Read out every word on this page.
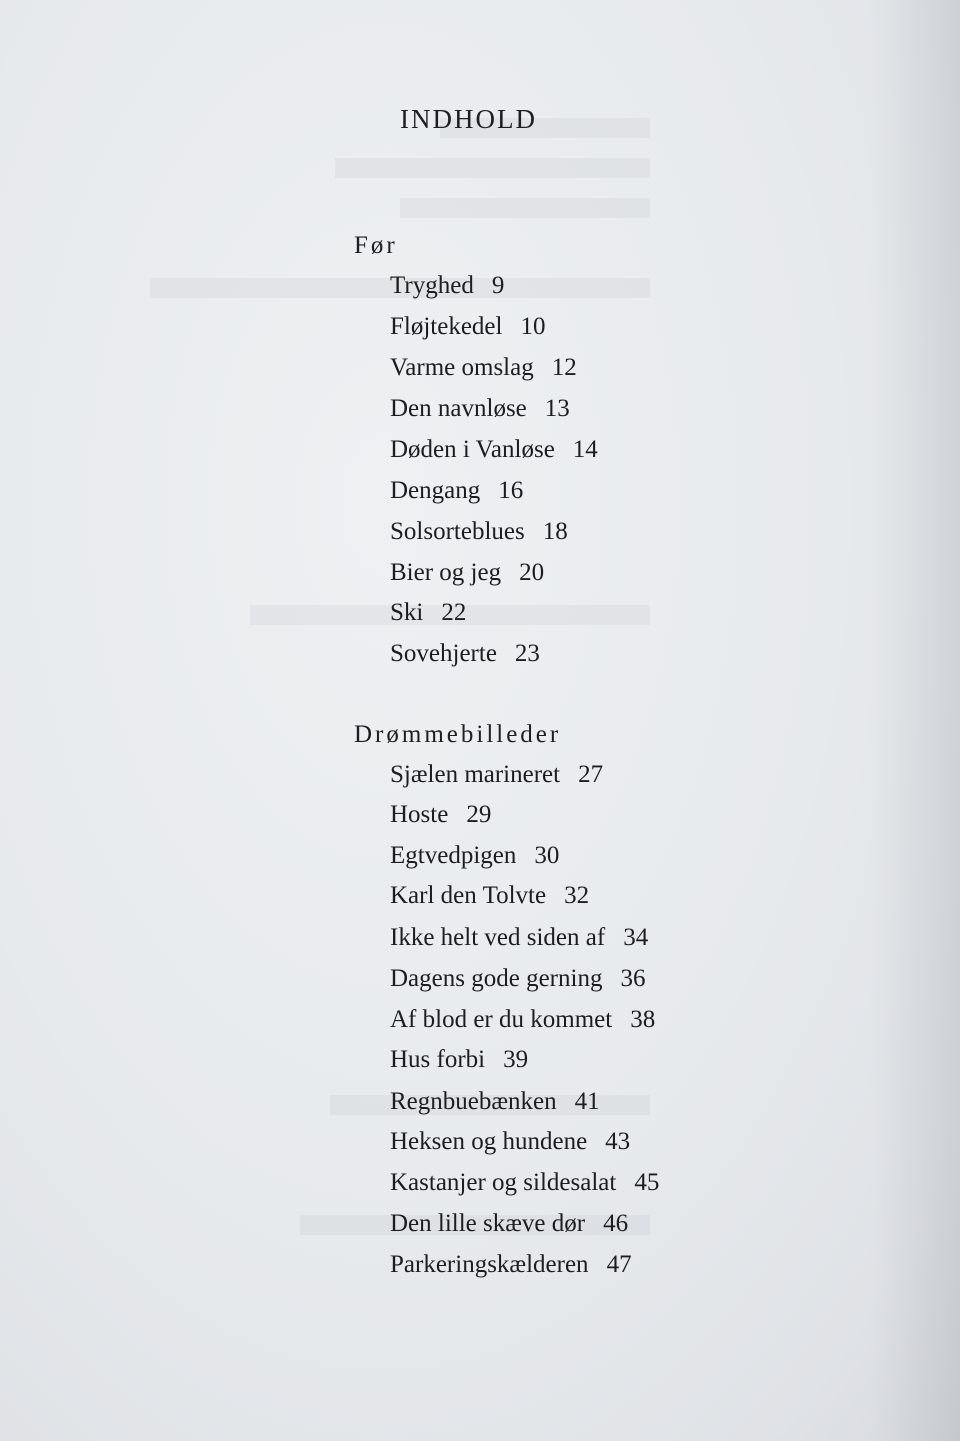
INDHOLD
Før
Tryghed 9
Fløjtekedel 10
Varme omslag 12
Den navnløse 13
Døden i Vanløse 14
Dengang 16
Solsorteblues 18
Bier og jeg 20
Ski 22
Sovehjerte 23
Drømmebilleder
Sjælen marineret 27
Hoste 29
Egtvedpigen 30
Karl den Tolvte 32
Ikke helt ved siden af 34
Dagens gode gerning 36
Af blod er du kommet 38
Hus forbi 39
Regnbuebænken 41
Heksen og hundene 43
Kastanjer og sildesalat 45
Den lille skæve dør 46
Parkeringskælderen 47
